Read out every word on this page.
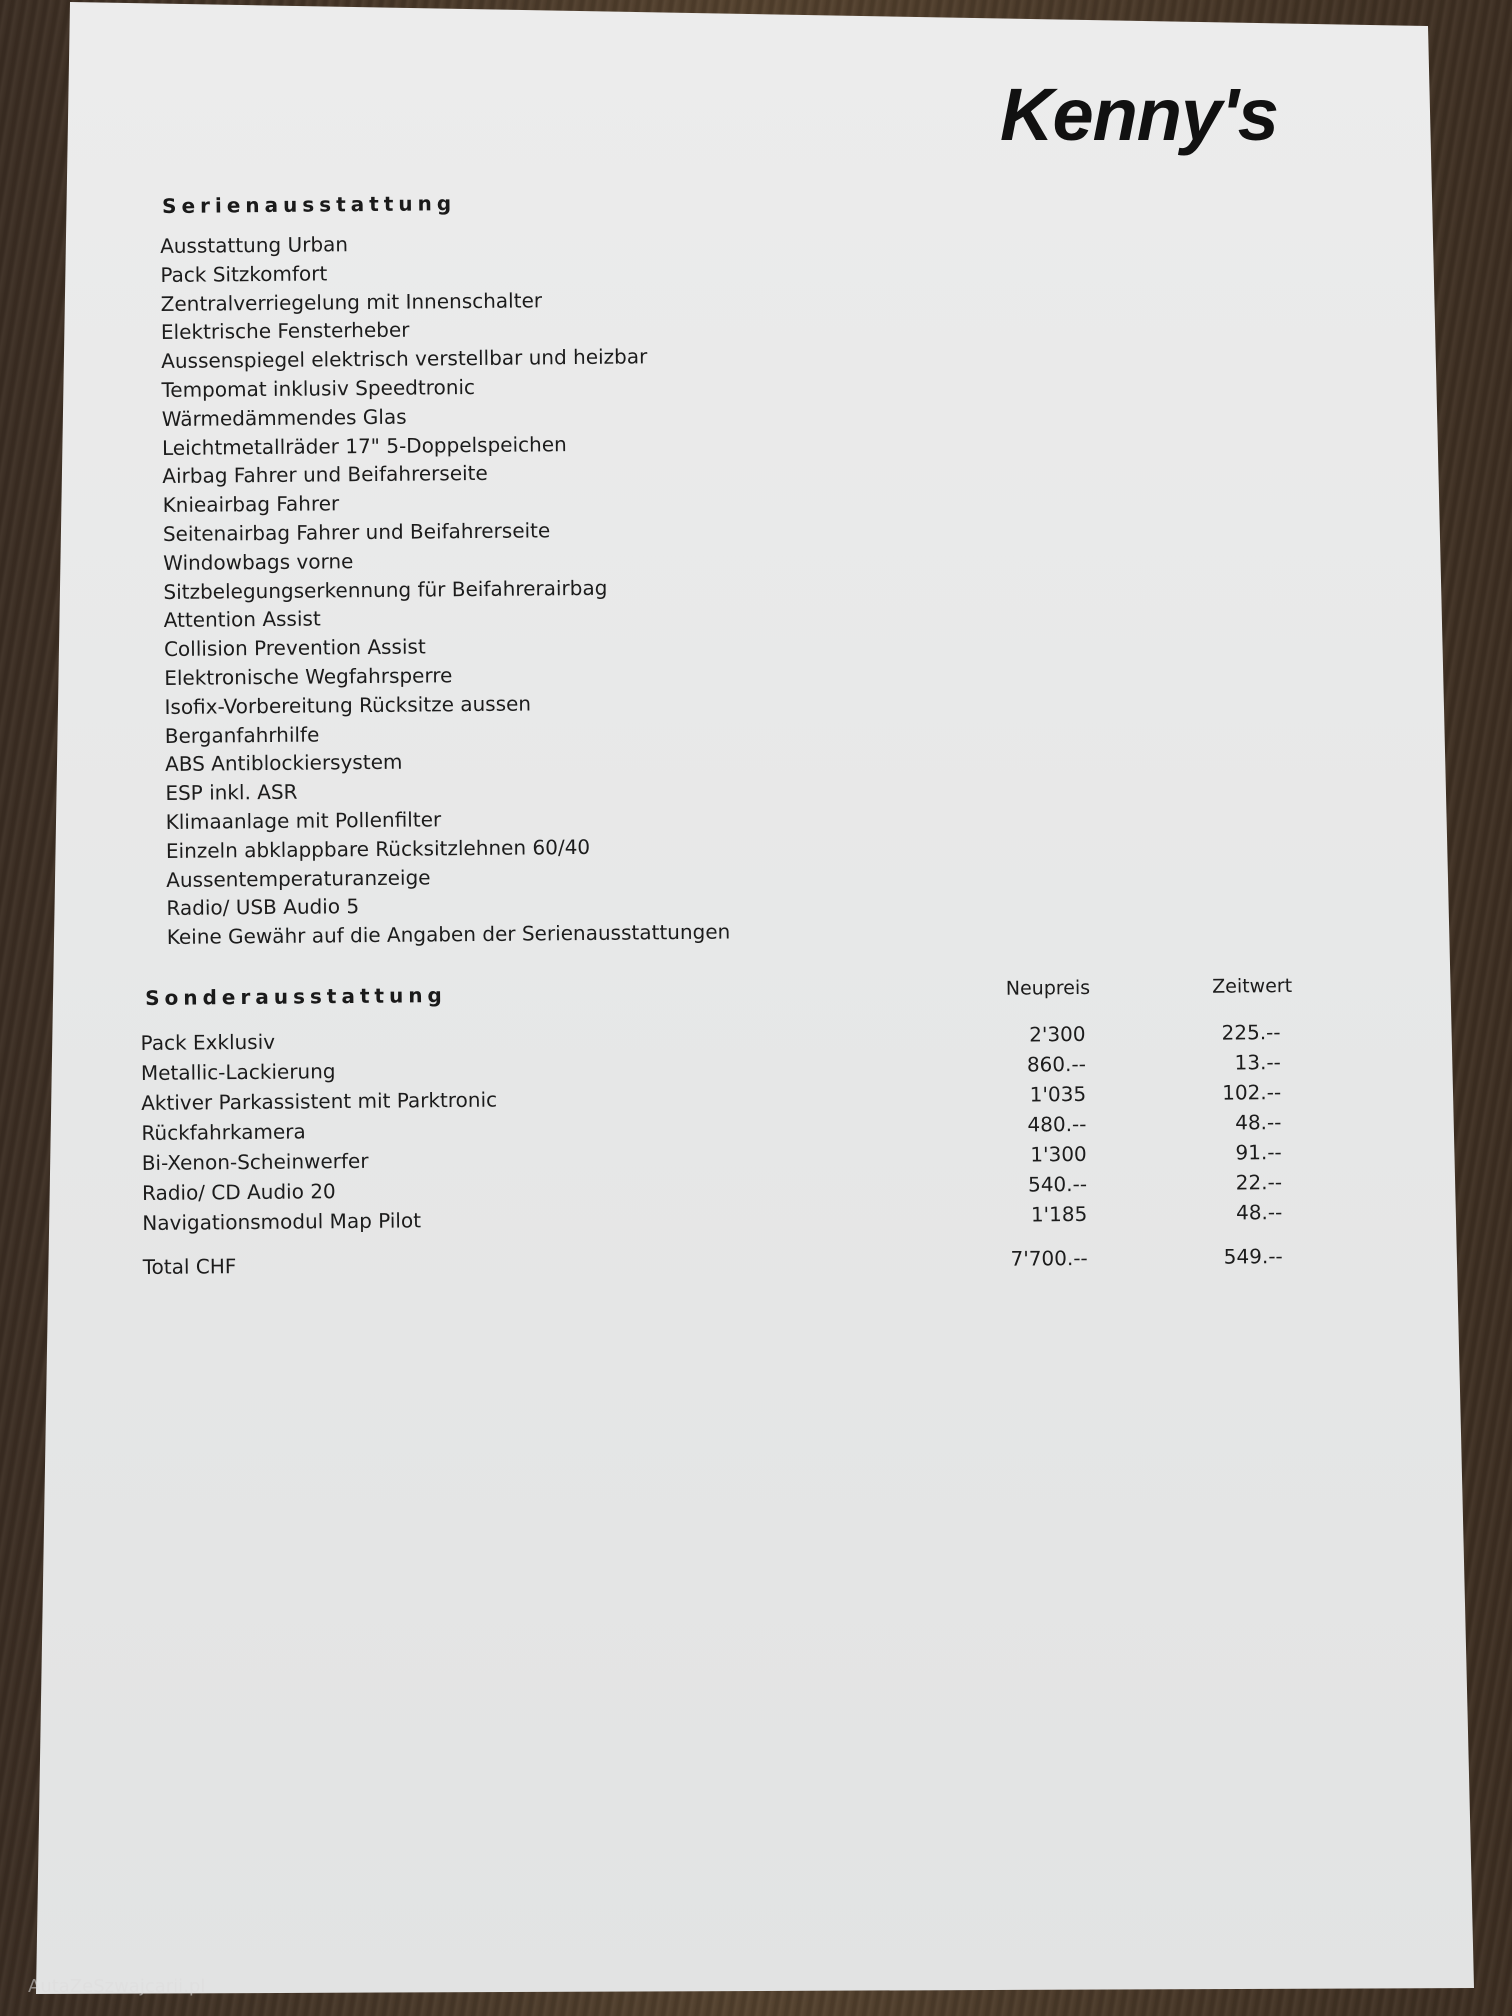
Kenny's
Serienausstattung
Ausstattung Urban
Pack Sitzkomfort
Zentralverriegelung mit Innenschalter
Elektrische Fensterheber
Aussenspiegel elektrisch verstellbar und heizbar
Tempomat inklusiv Speedtronic
Wärmedämmendes Glas
Leichtmetallräder 17" 5-Doppelspeichen
Airbag Fahrer und Beifahrerseite
Knieairbag Fahrer
Seitenairbag Fahrer und Beifahrerseite
Windowbags vorne
Sitzbelegungserkennung für Beifahrerairbag
Attention Assist
Collision Prevention Assist
Elektronische Wegfahrsperre
Isofix-Vorbereitung Rücksitze aussen
Berganfahrhilfe
ABS Antiblockiersystem
ESP inkl. ASR
Klimaanlage mit Pollenfilter
Einzeln abklappbare Rücksitzlehnen 60/40
Aussentemperaturanzeige
Radio/ USB Audio 5
Keine Gewähr auf die Angaben der Serienausstattungen
Sonderausstattung	Neupreis	Zeitwert
Pack Exklusiv	2'300	225.--
Metallic-Lackierung	860.--	13.--
Aktiver Parkassistent mit Parktronic	1'035	102.--
Rückfahrkamera	480.--	48.--
Bi-Xenon-Scheinwerfer	1'300	91.--
Radio/ CD Audio 20	540.--	22.--
Navigationsmodul Map Pilot	1'185	48.--
Total CHF	7'700.--	549.--
AutaZeSzwajcarii.pl
